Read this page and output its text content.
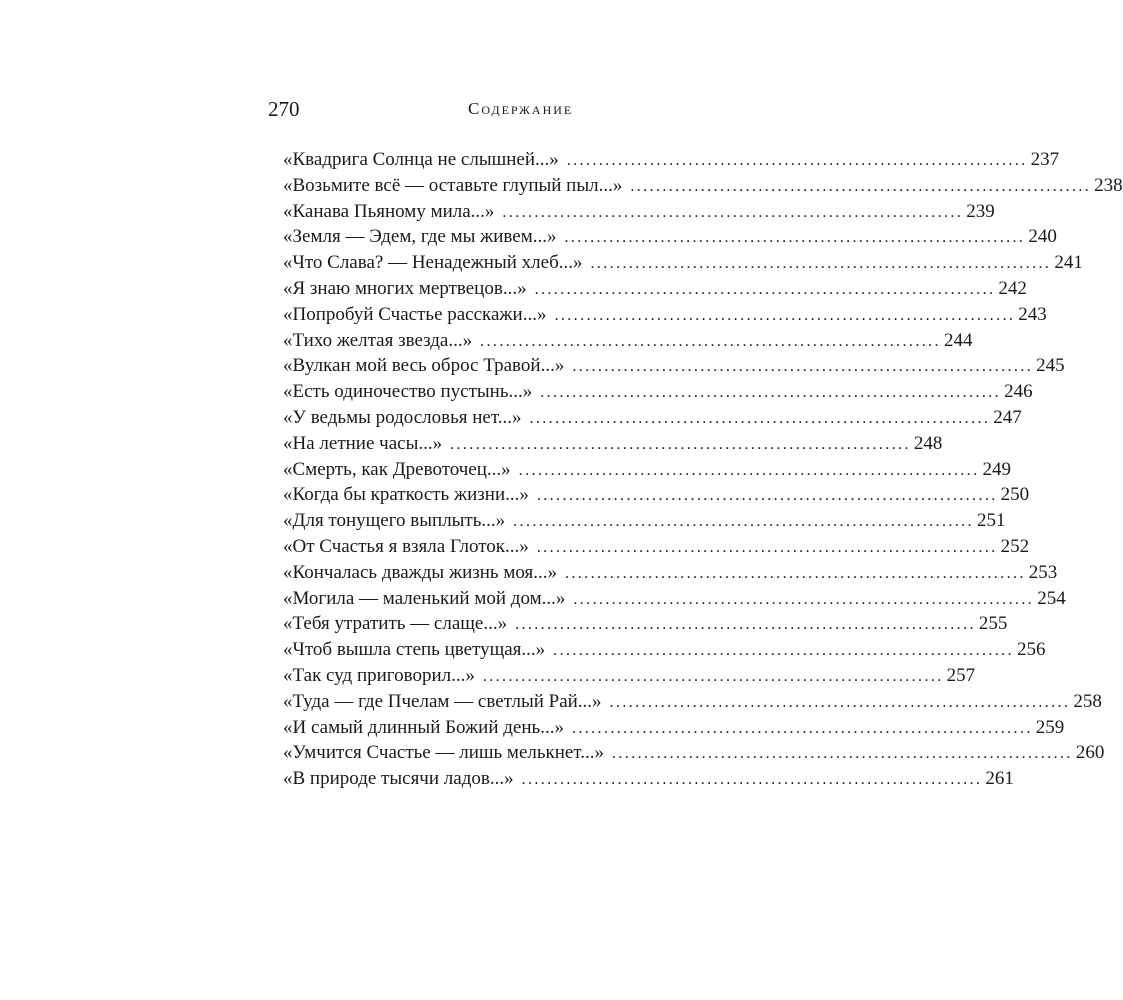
270	Содержание
«Квадрига Солнца не слышней...» ........................................................................ 237
«Возьмите всё — оставьте глупый пыл...» ........................................................................ 238
«Канава Пьяному мила...» ........................................................................ 239
«Земля — Эдем, где мы живем...» ........................................................................ 240
«Что Слава? — Ненадежный хлеб...» ........................................................................ 241
«Я знаю многих мертвецов...» ........................................................................ 242
«Попробуй Счастье расскажи...» ........................................................................ 243
«Тихо желтая звезда...» ........................................................................ 244
«Вулкан мой весь оброс Травой...» ........................................................................ 245
«Есть одиночество пустынь...» ........................................................................ 246
«У ведьмы родословья нет...» ........................................................................ 247
«На летние часы...» ........................................................................ 248
«Смерть, как Древоточец...» ........................................................................ 249
«Когда бы краткость жизни...» ........................................................................ 250
«Для тонущего выплыть...» ........................................................................ 251
«От Счастья я взяла Глоток...» ........................................................................ 252
«Кончалась дважды жизнь моя...» ........................................................................ 253
«Могила — маленький мой дом...» ........................................................................ 254
«Тебя утратить — слаще...» ........................................................................ 255
«Чтоб вышла степь цветущая...» ........................................................................ 256
«Так суд приговорил...» ........................................................................ 257
«Туда — где Пчелам — светлый Рай...» ........................................................................ 258
«И самый длинный Божий день...» ........................................................................ 259
«Умчится Счастье — лишь мелькнет...» ........................................................................ 260
«В природе тысячи ладов...» ........................................................................ 261
